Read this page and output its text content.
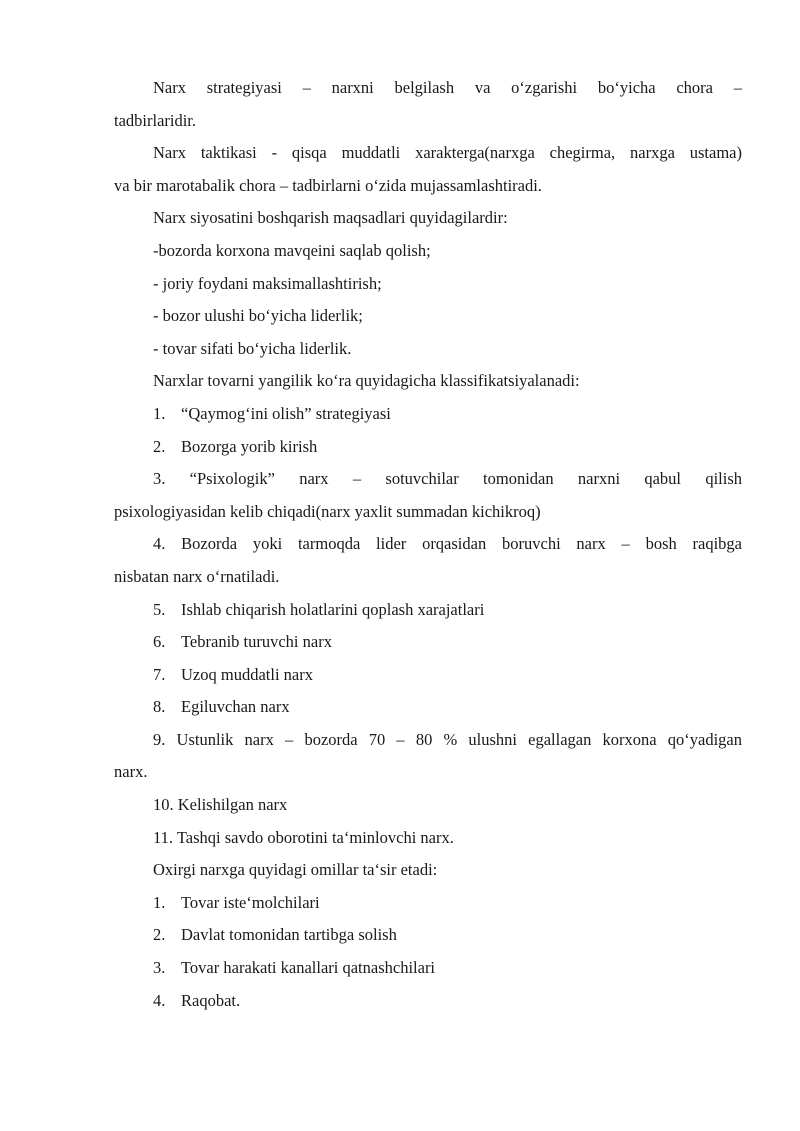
Narx strategiyasi – narxni belgilash va o‘zgarishi bo‘yicha chora –
tadbirlaridir.
Narx taktikasi - qisqa muddatli xarakterga(narxga chegirma, narxga ustama)
va bir marotabalik chora – tadbirlarni o‘zida mujassamlashtiradi.
Narx siyosatini boshqarish maqsadlari quyidagilardir:
-bozorda korxona mavqeini saqlab qolish;
- joriy foydani maksimallashtirish;
- bozor ulushi bo‘yicha liderlik;
- tovar sifati bo‘yicha liderlik.
Narxlar tovarni yangilik ko‘ra quyidagicha klassifikatsiyalanadi:
1. “Qaymog‘ini olish” strategiyasi
2. Bozorga yorib kirish
3. “Psixologik” narx – sotuvchilar tomonidan narxni qabul qilish
psixologiyasidan kelib chiqadi(narx yaxlit summadan kichikroq)
4. Bozorda yoki tarmoqda lider orqasidan boruvchi narx – bosh raqibga
nisbatan narx o‘rnatiladi.
5. Ishlab chiqarish holatlarini qoplash xarajatlari
6. Tebranib turuvchi narx
7. Uzoq muddatli narx
8. Egiluvchan narx
9. Ustunlik narx – bozorda 70 – 80 % ulushni egallagan korxona qo‘yadigan
narx.
10. Kelishilgan narx
11. Tashqi savdo oborotini ta‘minlovchi narx.
Oxirgi narxga quyidagi omillar ta‘sir etadi:
1. Tovar iste‘molchilari
2. Davlat tomonidan tartibga solish
3. Tovar harakati kanallari qatnashchilari
4. Raqobat.
